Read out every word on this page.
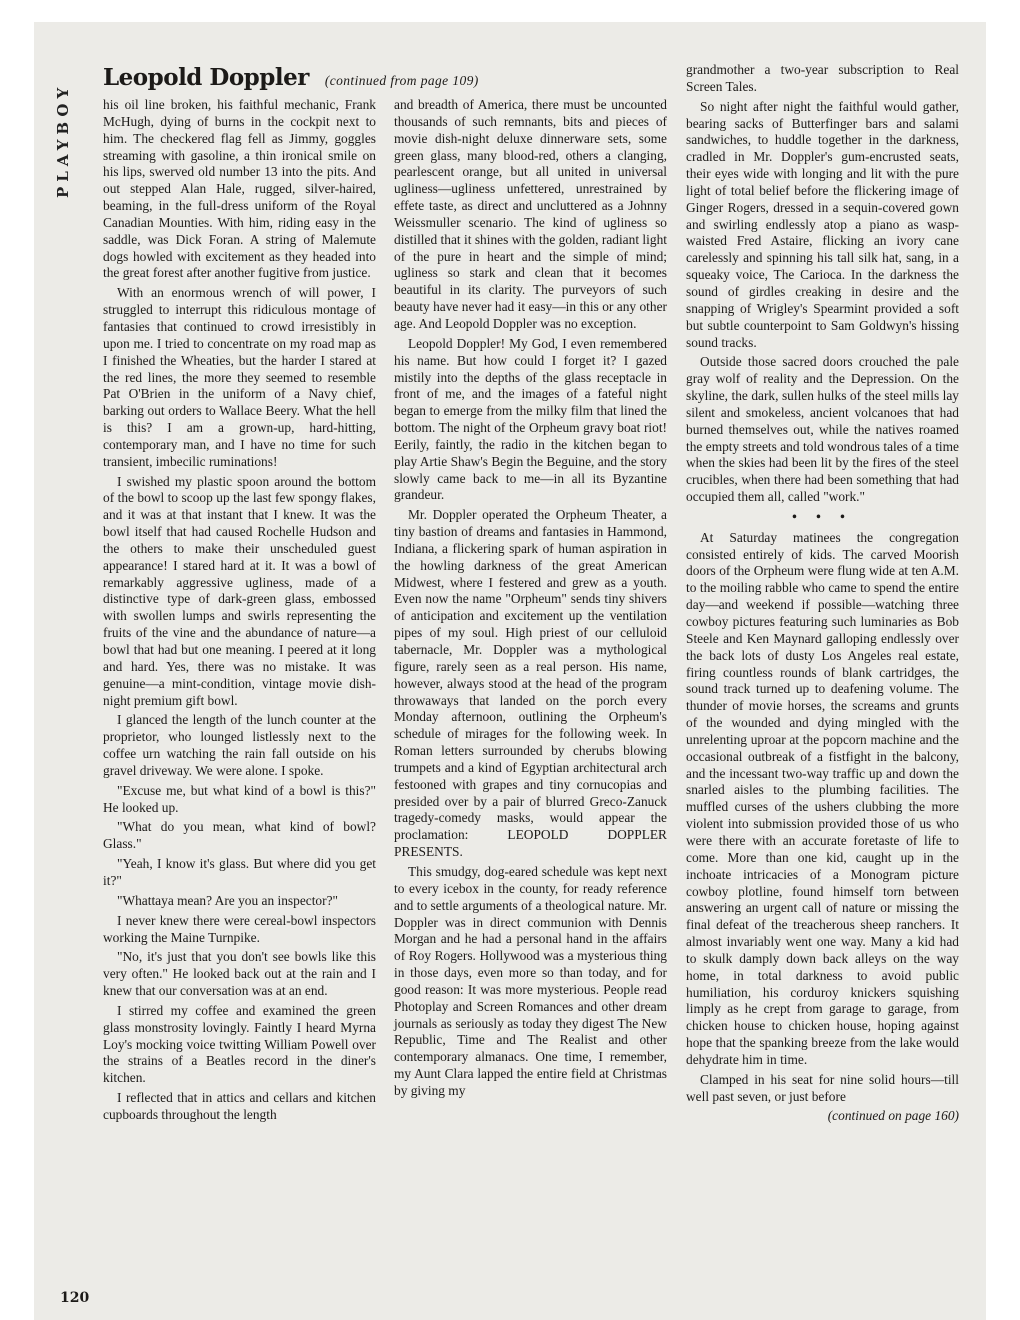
PLAYBOY
Leopold Doppler (continued from page 109)

his oil line broken, his faithful mechanic, Frank McHugh, dying of burns in the cockpit next to him. The checkered flag fell as Jimmy, goggles streaming with gasoline, a thin ironical smile on his lips, swerved old number 13 into the pits. And out stepped Alan Hale, rugged, silver-haired, beaming, in the full-dress uniform of the Royal Canadian Mounties. With him, riding easy in the saddle, was Dick Foran. A string of Malemute dogs howled with excitement as they headed into the great forest after another fugitive from justice.

With an enormous wrench of will power, I struggled to interrupt this ridiculous montage of fantasies that continued to crowd irresistibly in upon me. I tried to concentrate on my road map as I finished the Wheaties, but the harder I stared at the red lines, the more they seemed to resemble Pat O'Brien in the uniform of a Navy chief, barking out orders to Wallace Beery. What the hell is this? I am a grown-up, hard-hitting, contemporary man, and I have no time for such transient, imbecilic ruminations!

I swished my plastic spoon around the bottom of the bowl to scoop up the last few spongy flakes, and it was at that instant that I knew. It was the bowl itself that had caused Rochelle Hudson and the others to make their unscheduled guest appearance! I stared hard at it. It was a bowl of remarkably aggressive ugliness, made of a distinctive type of dark-green glass, embossed with swollen lumps and swirls representing the fruits of the vine and the abundance of nature—a bowl that had but one meaning. I peered at it long and hard. Yes, there was no mistake. It was genuine—a mint-condition, vintage movie dish-night premium gift bowl.

I glanced the length of the lunch counter at the proprietor, who lounged listlessly next to the coffee urn watching the rain fall outside on his gravel driveway. We were alone. I spoke.

"Excuse me, but what kind of a bowl is this?" He looked up.

"What do you mean, what kind of bowl? Glass."

"Yeah, I know it's glass. But where did you get it?"

"Whattaya mean? Are you an inspector?"

I never knew there were cereal-bowl inspectors working the Maine Turnpike.

"No, it's just that you don't see bowls like this very often." He looked back out at the rain and I knew that our conversation was at an end.

I stirred my coffee and examined the green glass monstrosity lovingly. Faintly I heard Myrna Loy's mocking voice twitting William Powell over the strains of a Beatles record in the diner's kitchen.

I reflected that in attics and cellars and kitchen cupboards throughout the length

and breadth of America, there must be uncounted thousands of such remnants, bits and pieces of movie dish-night deluxe dinnerware sets, some green glass, many blood-red, others a clanging, pearlescent orange, but all united in universal ugliness—ugliness unfettered, unrestrained by effete taste, as direct and uncluttered as a Johnny Weissmuller scenario. The kind of ugliness so distilled that it shines with the golden, radiant light of the pure in heart and the simple of mind; ugliness so stark and clean that it becomes beautiful in its clarity. The purveyors of such beauty have never had it easy—in this or any other age. And Leopold Doppler was no exception.

Leopold Doppler! My God, I even remembered his name. But how could I forget it? I gazed mistily into the depths of the glass receptacle in front of me, and the images of a fateful night began to emerge from the milky film that lined the bottom. The night of the Orpheum gravy boat riot! Eerily, faintly, the radio in the kitchen began to play Artie Shaw's Begin the Beguine, and the story slowly came back to me—in all its Byzantine grandeur.

Mr. Doppler operated the Orpheum Theater, a tiny bastion of dreams and fantasies in Hammond, Indiana, a flickering spark of human aspiration in the howling darkness of the great American Midwest, where I festered and grew as a youth. Even now the name "Orpheum" sends tiny shivers of anticipation and excitement up the ventilation pipes of my soul. High priest of our celluloid tabernacle, Mr. Doppler was a mythological figure, rarely seen as a real person. His name, however, always stood at the head of the program throwaways that landed on the porch every Monday afternoon, outlining the Orpheum's schedule of mirages for the following week. In Roman letters surrounded by cherubs blowing trumpets and a kind of Egyptian architectural arch festooned with grapes and tiny cornucopias and presided over by a pair of blurred Greco-Zanuck tragedy-comedy masks, would appear the proclamation: LEOPOLD DOPPLER PRESENTS.

This smudgy, dog-eared schedule was kept next to every icebox in the county, for ready reference and to settle arguments of a theological nature. Mr. Doppler was in direct communion with Dennis Morgan and he had a personal hand in the affairs of Roy Rogers. Hollywood was a mysterious thing in those days, even more so than today, and for good reason: It was more mysterious. People read Photoplay and Screen Romances and other dream journals as seriously as today they digest The New Republic, Time and The Realist and other contemporary almanacs. One time, I remember, my Aunt Clara lapped the entire field at Christmas by giving my

grandmother a two-year subscription to Real Screen Tales.

So night after night the faithful would gather, bearing sacks of Butterfinger bars and salami sandwiches, to huddle together in the darkness, cradled in Mr. Doppler's gum-encrusted seats, their eyes wide with longing and lit with the pure light of total belief before the flickering image of Ginger Rogers, dressed in a sequin-covered gown and swirling endlessly atop a piano as wasp-waisted Fred Astaire, flicking an ivory cane carelessly and spinning his tall silk hat, sang, in a squeaky voice, The Carioca. In the darkness the sound of girdles creaking in desire and the snapping of Wrigley's Spearmint provided a soft but subtle counterpoint to Sam Goldwyn's hissing sound tracks.

Outside those sacred doors crouched the pale gray wolf of reality and the Depression. On the skyline, the dark, sullen hulks of the steel mills lay silent and smokeless, ancient volcanoes that had burned themselves out, while the natives roamed the empty streets and told wondrous tales of a time when the skies had been lit by the fires of the steel crucibles, when there had been something that had occupied them all, called "work."

• • •

At Saturday matinees the congregation consisted entirely of kids. The carved Moorish doors of the Orpheum were flung wide at ten A.M. to the moiling rabble who came to spend the entire day—and weekend if possible—watching three cowboy pictures featuring such luminaries as Bob Steele and Ken Maynard galloping endlessly over the back lots of dusty Los Angeles real estate, firing countless rounds of blank cartridges, the sound track turned up to deafening volume. The thunder of movie horses, the screams and grunts of the wounded and dying mingled with the unrelenting uproar at the popcorn machine and the occasional outbreak of a fistfight in the balcony, and the incessant two-way traffic up and down the snarled aisles to the plumbing facilities. The muffled curses of the ushers clubbing the more violent into submission provided those of us who were there with an accurate foretaste of life to come. More than one kid, caught up in the inchoate intricacies of a Monogram picture cowboy plotline, found himself torn between answering an urgent call of nature or missing the final defeat of the treacherous sheep ranchers. It almost invariably went one way. Many a kid had to skulk damply down back alleys on the way home, in total darkness to avoid public humiliation, his corduroy knickers squishing limply as he crept from garage to garage, from chicken house to chicken house, hoping against hope that the spanking breeze from the lake would dehydrate him in time.

Clamped in his seat for nine solid hours—till well past seven, or just before

(continued on page 160)

120
